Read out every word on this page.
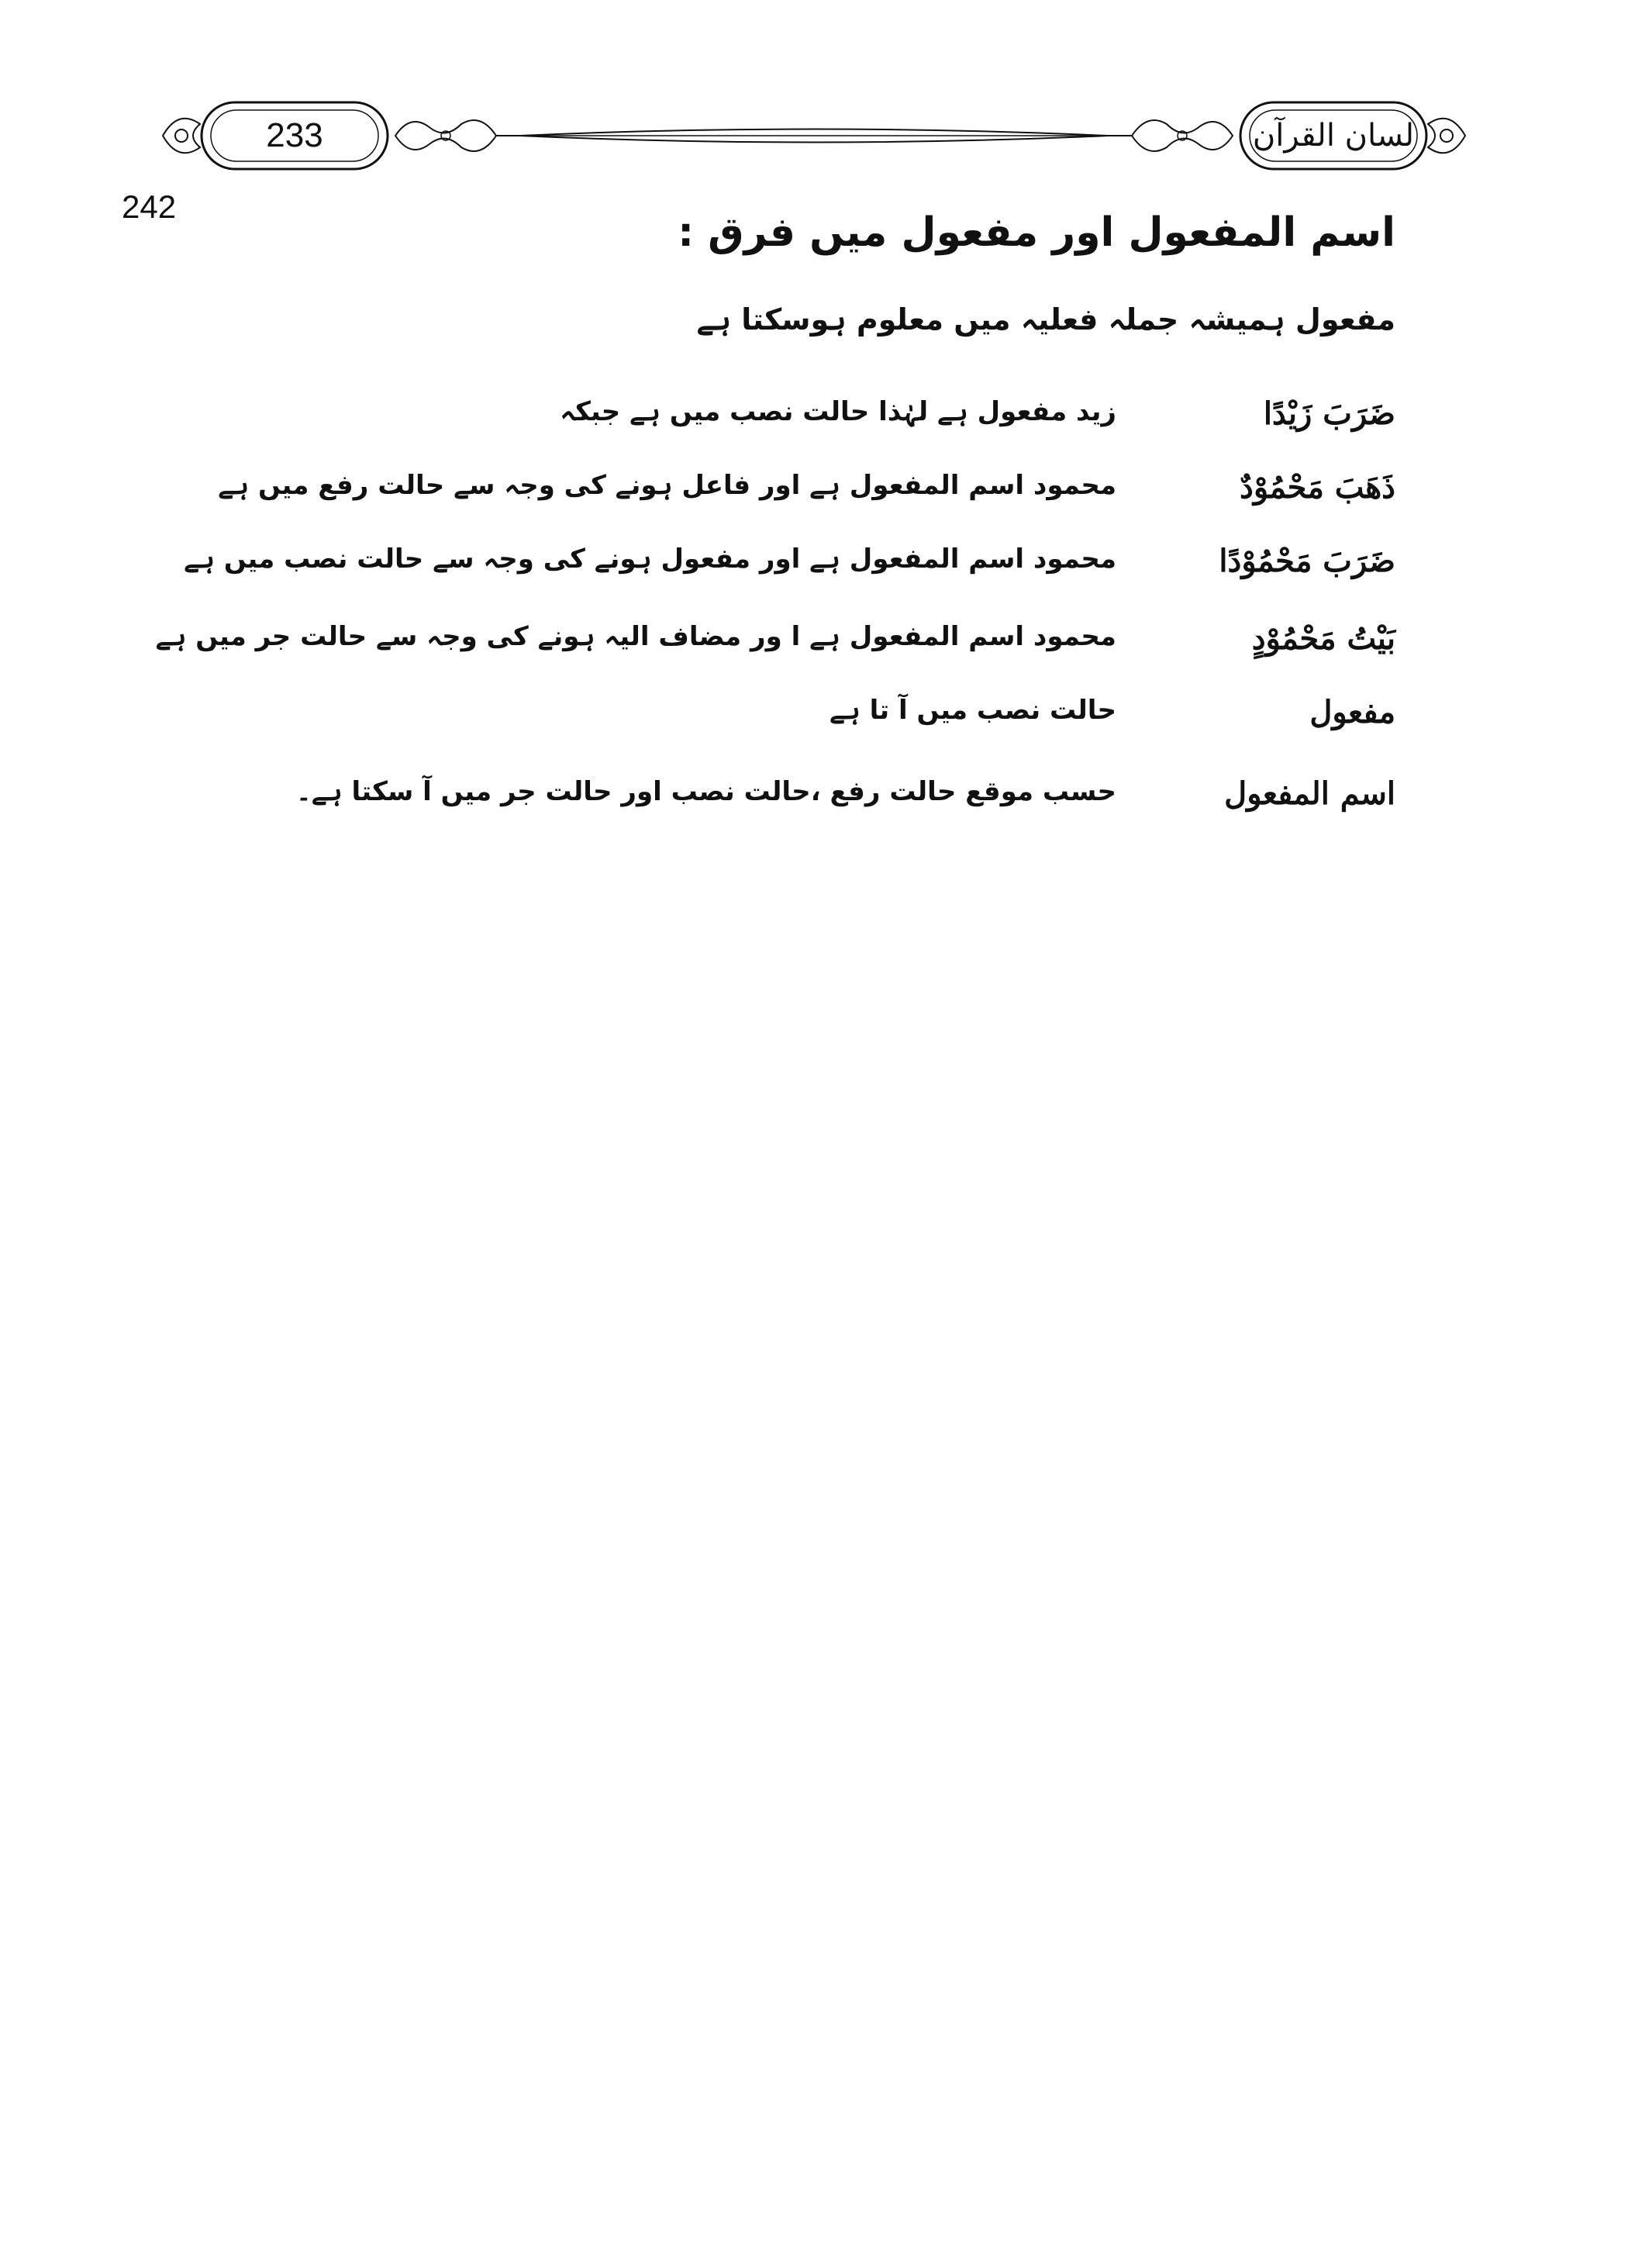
233	لسان القرآن
242
اسم المفعول اور مفعول میں فرق :
مفعول ہمیشہ جملہ فعلیہ میں معلوم ہوسکتا ہے
ضَرَبَ زَیْدًا
زید مفعول ہے لہٰذا حالت نصب میں ہے جبکہ
ذَھَبَ مَحْمُوْدٌ
محمود اسم المفعول ہے اور فاعل ہونے کی وجہ سے حالت رفع میں ہے
ضَرَبَ مَحْمُوْدًا
محمود اسم المفعول ہے اور مفعول ہونے کی وجہ سے حالت نصب میں ہے
بَیْتُ مَحْمُوْدٍ
محمود اسم المفعول ہے ا ور مضاف الیہ ہونے کی وجہ سے حالت جر میں ہے
مفعول
حالت نصب میں آ تا ہے
اسم المفعول
حسب موقع حالت رفع ،حالت نصب اور حالت جر میں آ سکتا ہے۔
